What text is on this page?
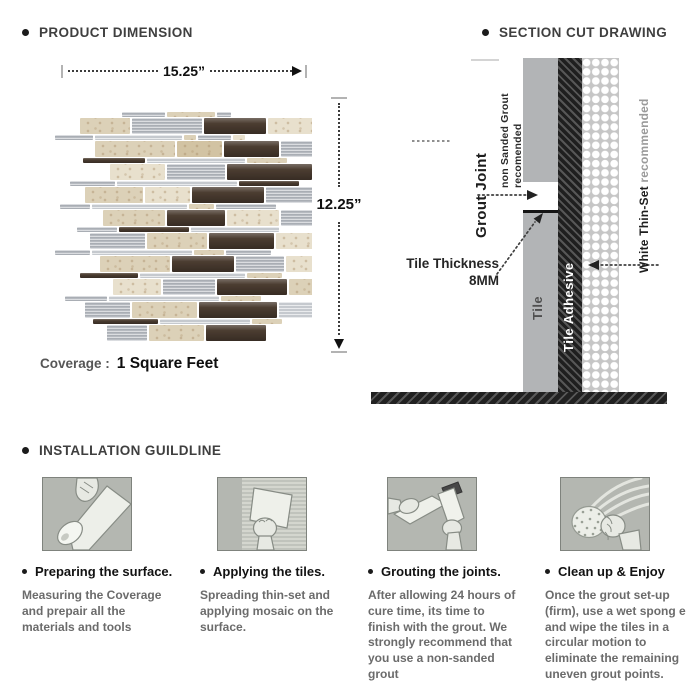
PRODUCT DIMENSION
15.25”
12.25”
Coverage : 1 Square Feet
SECTION CUT DRAWING
Grout Joint
non Sanded Grout recomended
Tile Tile Adhesive
White Thin-Set recommended
Tile Thickness
8MM
INSTALLATION GUILDLINE
Preparing the surface.
Measuring the Coverage and prepair all the materials and tools
Applying the tiles.
Spreading thin-set and applying mosaic on the surface.
Grouting the joints.
After allowing 24 hours of cure time, its time to finish with the grout. We strongly recommend that you use a non-sanded grout
Clean up & Enjoy
Once the grout set-up (firm), use a wet spong e and wipe the tiles in a circular motion to eliminate the remaining uneven grout points.
